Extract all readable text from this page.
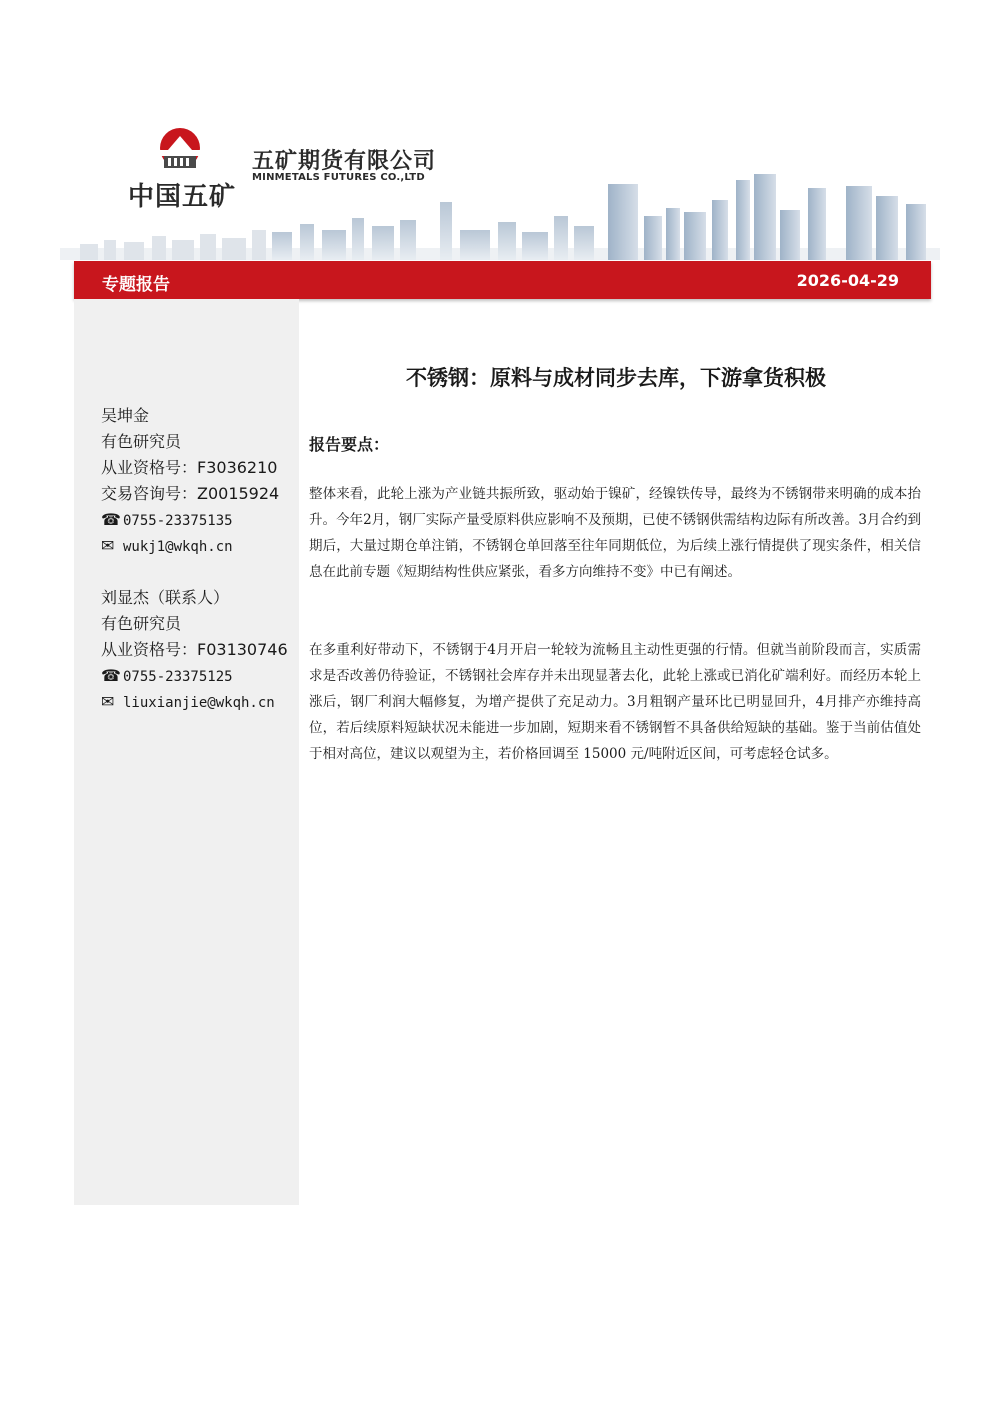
中国五矿
五矿期货有限公司
MINMETALS FUTURES CO.,LTD
专题报告	2026-04-29
吴坤金
有色研究员
从业资格号：F3036210
交易咨询号：Z0015924
☎ 0755-23375135
✉ wukj1@wkqh.cn
刘显杰（联系人）
有色研究员
从业资格号：F03130746
☎ 0755-23375125
✉ liuxianjie@wkqh.cn
不锈钢：原料与成材同步去库，下游拿货积极
报告要点：

整体来看，此轮上涨为产业链共振所致，驱动始于镍矿，经镍铁传导，最终为不锈钢带来明确的成本抬升。今年2月，钢厂实际产量受原料供应影响不及预期，已使不锈钢供需结构边际有所改善。3月合约到期后，大量过期仓单注销，不锈钢仓单回落至往年同期低位，为后续上涨行情提供了现实条件，相关信息在此前专题《短期结构性供应紧张，看多方向维持不变》中已有阐述。

在多重利好带动下，不锈钢于4月开启一轮较为流畅且主动性更强的行情。但就当前阶段而言，实质需求是否改善仍待验证，不锈钢社会库存并未出现显著去化，此轮上涨或已消化矿端利好。而经历本轮上涨后，钢厂利润大幅修复，为增产提供了充足动力。3月粗钢产量环比已明显回升，4月排产亦维持高位，若后续原料短缺状况未能进一步加剧，短期来看不锈钢暂不具备供给短缺的基础。鉴于当前估值处于相对高位，建议以观望为主，若价格回调至 15000 元/吨附近区间，可考虑轻仓试多。
